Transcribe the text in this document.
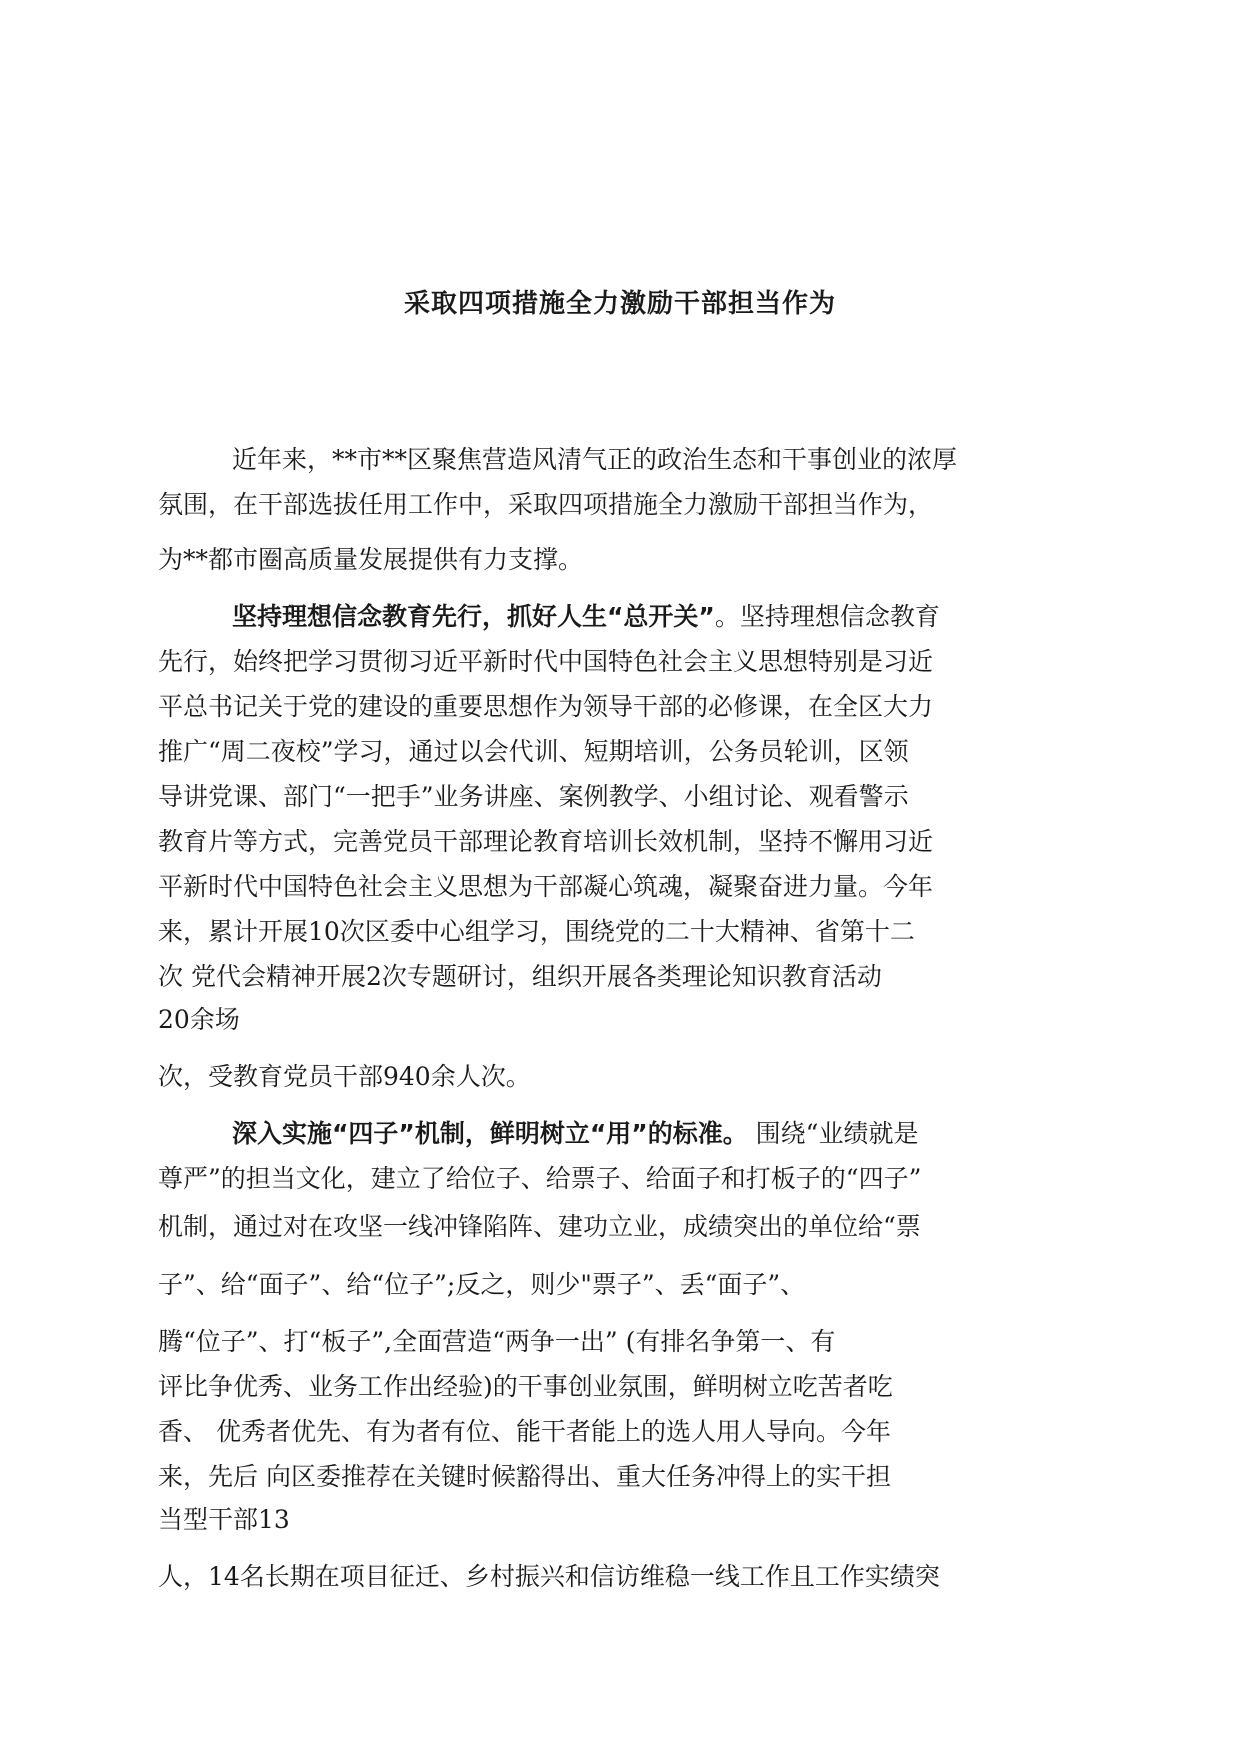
采取四项措施全力激励干部担当作为

近年来，**市**区聚焦营造风清气正的政治生态和干事创业的浓厚

氛围，在干部选拔任用工作中，采取四项措施全力激励干部担当作为，

为**都市圈高质量发展提供有力支撑。

坚持理想信念教育先行，抓好人生“总开关”。坚持理想信念教育

先行，始终把学习贯彻习近平新时代中国特色社会主义思想特别是习近

平总书记关于党的建设的重要思想作为领导干部的必修课，在全区大力

推广“周二夜校”学习，通过以会代训、短期培训，公务员轮训，区领

导讲党课、部门“一把手”业务讲座、案例教学、小组讨论、观看警示

教育片等方式，完善党员干部理论教育培训长效机制，坚持不懈用习近

平新时代中国特色社会主义思想为干部凝心筑魂，凝聚奋进力量。今年

来，累计开展10次区委中心组学习，围绕党的二十大精神、省第十二

次 党代会精神开展2次专题研讨，组织开展各类理论知识教育活动

20余场

次，受教育党员干部940余人次。

深入实施“四子”机制，鲜明树立“用”的标准。 围绕“业绩就是

尊严”的担当文化，建立了给位子、给票子、给面子和打板子的“四子”

机制，通过对在攻坚一线冲锋陷阵、建功立业，成绩突出的单位给“票

子”、给“面子”、给“位子”;反之，则少"票子”、丢“面子”、

腾“位子”、打“板子”,全面营造“两争一出” (有排名争第一、有

评比争优秀、业务工作出经验)的干事创业氛围，鲜明树立吃苦者吃

香、 优秀者优先、有为者有位、能干者能上的选人用人导向。今年

来，先后 向区委推荐在关键时候豁得出、重大任务冲得上的实干担

当型干部13

人，14名长期在项目征迁、乡村振兴和信访维稳一线工作且工作实绩突
